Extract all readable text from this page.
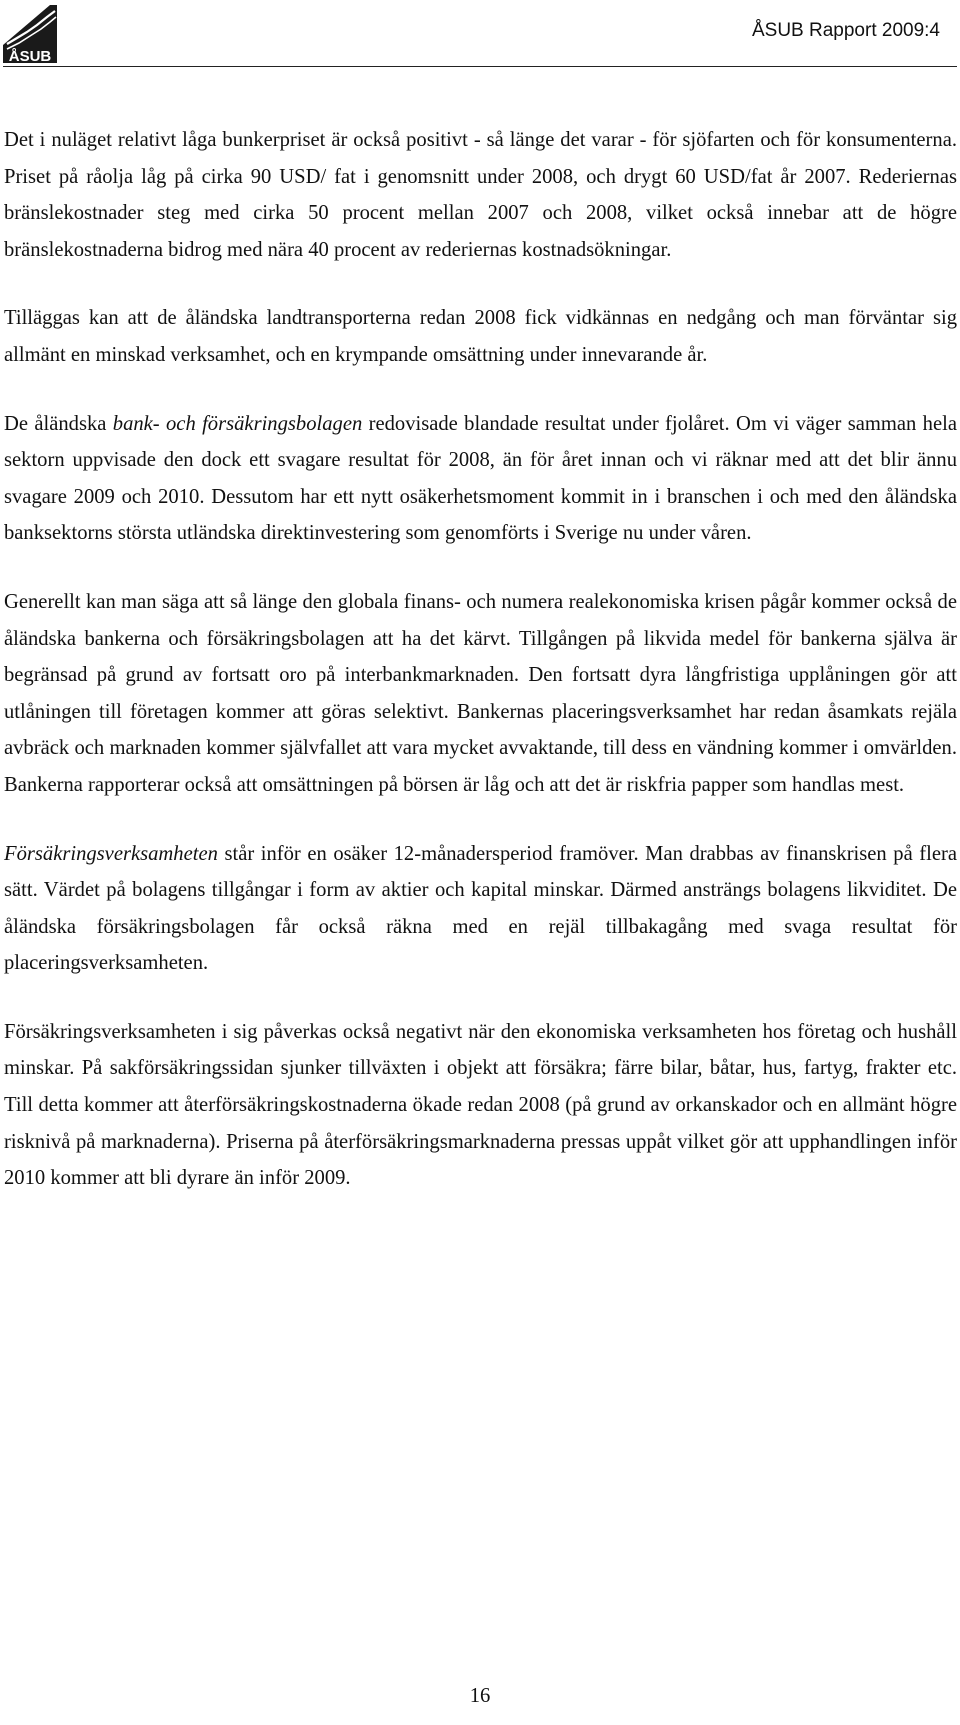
ÅSUB
ÅSUB Rapport 2009:4

Det i nuläget relativt låga bunkerpriset är också positivt - så länge det varar - för sjöfarten och för konsumenterna. Priset på råolja låg på cirka 90 USD/ fat i genomsnitt under 2008, och drygt 60 USD/fat år 2007. Rederiernas bränslekostnader steg med cirka 50 procent mellan 2007 och 2008, vilket också innebar att de högre bränslekostnaderna bidrog med nära 40 procent av rederiernas kostnadsökningar.

Tilläggas kan att de åländska landtransporterna redan 2008 fick vidkännas en nedgång och man förväntar sig allmänt en minskad verksamhet, och en krympande omsättning under innevarande år.

De åländska bank- och försäkringsbolagen redovisade blandade resultat under fjolåret. Om vi väger samman hela sektorn uppvisade den dock ett svagare resultat för 2008, än för året innan och vi räknar med att det blir ännu svagare 2009 och 2010. Dessutom har ett nytt osäkerhetsmoment kommit in i branschen i och med den åländska banksektorns största utländska direktinvestering som genomförts i Sverige nu under våren.

Generellt kan man säga att så länge den globala finans- och numera realekonomiska krisen pågår kommer också de åländska bankerna och försäkringsbolagen att ha det kärvt. Tillgången på likvida medel för bankerna själva är begränsad på grund av fortsatt oro på interbankmarknaden. Den fortsatt dyra långfristiga upplåningen gör att utlåningen till företagen kommer att göras selektivt. Bankernas placeringsverksamhet har redan åsamkats rejäla avbräck och marknaden kommer självfallet att vara mycket avvaktande, till dess en vändning kommer i omvärlden. Bankerna rapporterar också att omsättningen på börsen är låg och att det är riskfria papper som handlas mest.

Försäkringsverksamheten står inför en osäker 12-månadersperiod framöver. Man drabbas av finanskrisen på flera sätt. Värdet på bolagens tillgångar i form av aktier och kapital minskar. Därmed ansträngs bolagens likviditet. De åländska försäkringsbolagen får också räkna med en rejäl tillbakagång med svaga resultat för placeringsverksamheten.

Försäkringsverksamheten i sig påverkas också negativt när den ekonomiska verksamheten hos företag och hushåll minskar. På sakförsäkringssidan sjunker tillväxten i objekt att försäkra; färre bilar, båtar, hus, fartyg, frakter etc. Till detta kommer att återförsäkringskostnaderna ökade redan 2008 (på grund av orkanskador och en allmänt högre risknivå på marknaderna). Priserna på återförsäkringsmarknaderna pressas uppåt vilket gör att upphandlingen inför 2010 kommer att bli dyrare än inför 2009.

16
